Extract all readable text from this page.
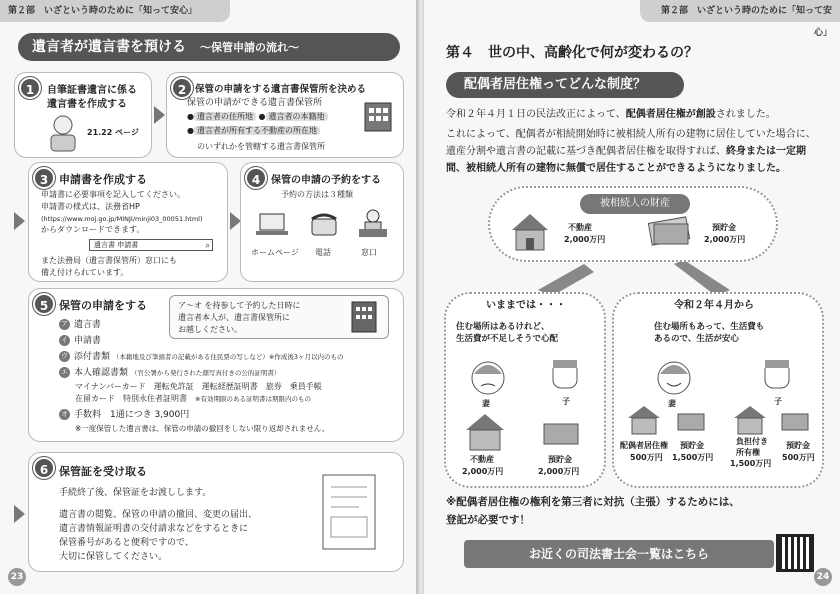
第２部　いざという時のために「知って安心」
遺言者が遺言書を預ける ～保管申請の流れ～
1	自筆証書遺言に係る
遺言書を作成する
21.22 ページ
2 保管の申請をする遺言書保管所を決める
保管の申請ができる遺言書保管所
● 遺言者の住所地 ● 遺言者の本籍地
● 遺言者が所有する不動産の所在地
のいずれかを管轄する遺言書保管所
3 申請書を作成する
申請書に必要事項を記入してください。
申請書の様式は、法務省HP
(https://www.moj.go.jp/MINJI/minji03_00051.html)
からダウンロードできます。
遺言書 申請書	⌕
また法務局（遺言書保管所）窓口にも
備え付けられています。
4	保管の申請の予約をする
予約の方法は３種類
ホームページ 電話	窓口
5 保管の申請をする	ア～オ を持参して予約した日時に
遺言者本人が、遺言書保管所に
お越しください。
ア 遺言書
イ 申請書
ウ 添付書類 （本籍地及び筆頭者の記載がある住民票の写しなど）※作成後3ヶ月以内のもの
エ 本人確認書類 （官公署から発行された顔写真付きの公的証明書）
マイナンバーカード　運転免許証　運転経歴証明書　旅券　乗員手帳
在留カード　特別永住者証明書　 ※有効期限のある証明書は期限内のもの
オ 手数料　 1通につき 3,900円
※一度保管した遺言書は、保管の申請の撤回をしない限り返却されません。
6 保管証を受け取る
手続終了後、保管証をお渡しします。
遺言書の閲覧、保管の申請の撤回、変更の届出、
遺言書情報証明書の交付請求などをするときに
保管番号があると便利ですので、
大切に保管してください。
23
第２部　いざという時のために「知って安心」
第４　世の中、高齢化で何が変わるの？
配偶者居住権ってどんな制度？
令和２年４月１日の民法改正によって、配偶者居住権が創設されました。
これによって、配偶者が相続開始時に被相続人所有の建物に居住していた場合に、遺産分割や遺言書の記載に基づき配偶者居住権を取得すれば、終身または一定期間、被相続人所有の建物に無償で居住することができるようになりました。
被相続人の財産
不動産
2,000万円
預貯金
2,000万円
いままでは・・・
住む場所はあるけれど、
生活費が不足しそうで心配
妻	子
不動産
2,000万円
預貯金
2,000万円
令和２年４月から
住む場所もあって、生活費も
あるので、生活が安心
妻	子
配偶者居住権
500万円
預貯金
1,500万円
負担付き
所有権
1,500万円
預貯金
500万円
※配偶者居住権の権利を第三者に対抗（主張）するためには、
登記が必要です！
お近くの司法書士会一覧はこちら
24
